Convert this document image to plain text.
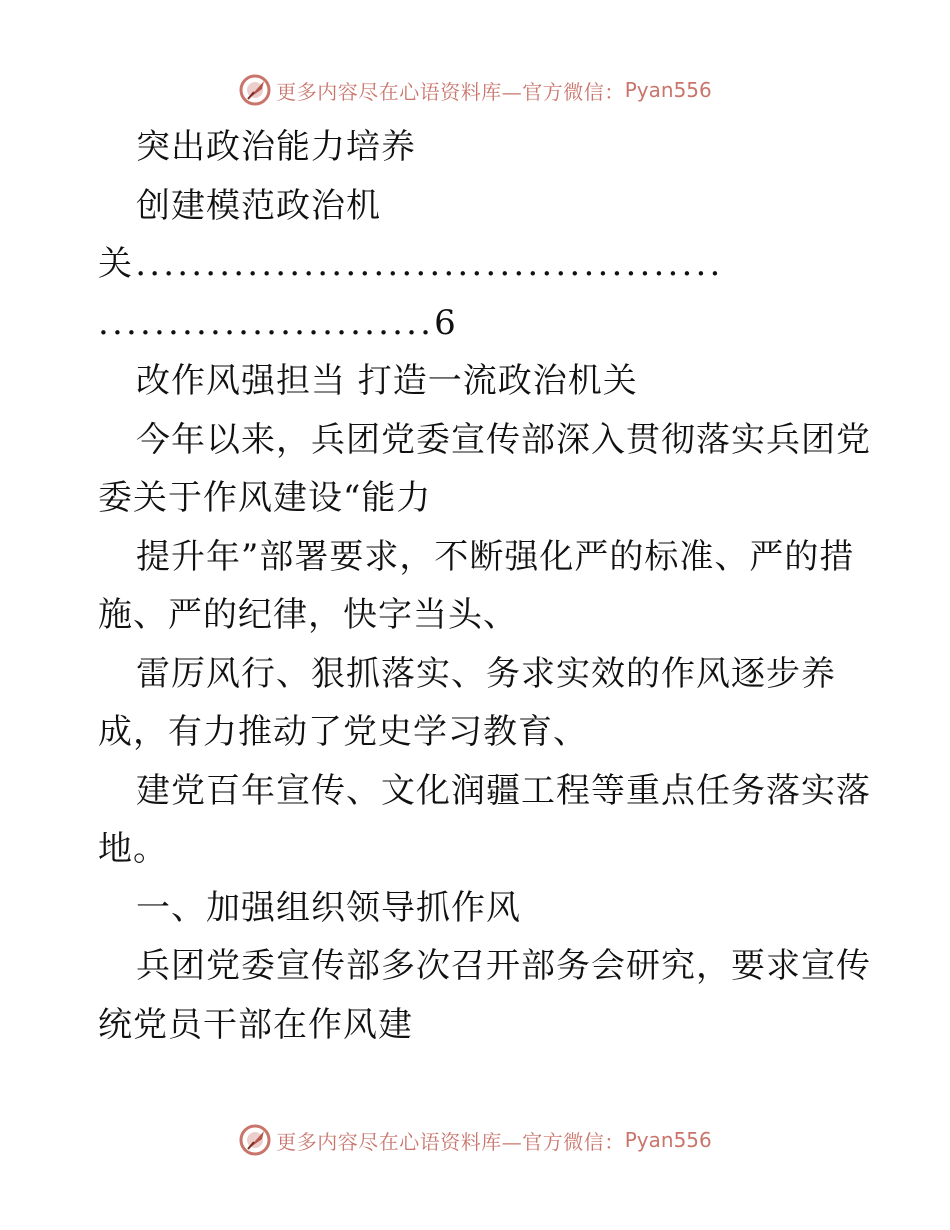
更多内容尽在心语资料库—官方微信： Pyan556
突出政治能力培养
创建模范政治机
关..........................................
........................6
改作风强担当 打造一流政治机关
今年以来，兵团党委宣传部深入贯彻落实兵团党
委关于作风建设“能力
提升年”部署要求，不断强化严的标准、严的措
施、严的纪律，快字当头、
雷厉风行、狠抓落实、务求实效的作风逐步养
成，有力推动了党史学习教育、
建党百年宣传、文化润疆工程等重点任务落实落
地。
一、加强组织领导抓作风
兵团党委宣传部多次召开部务会研究，要求宣传
统党员干部在作风建
更多内容尽在心语资料库—官方微信： Pyan556
